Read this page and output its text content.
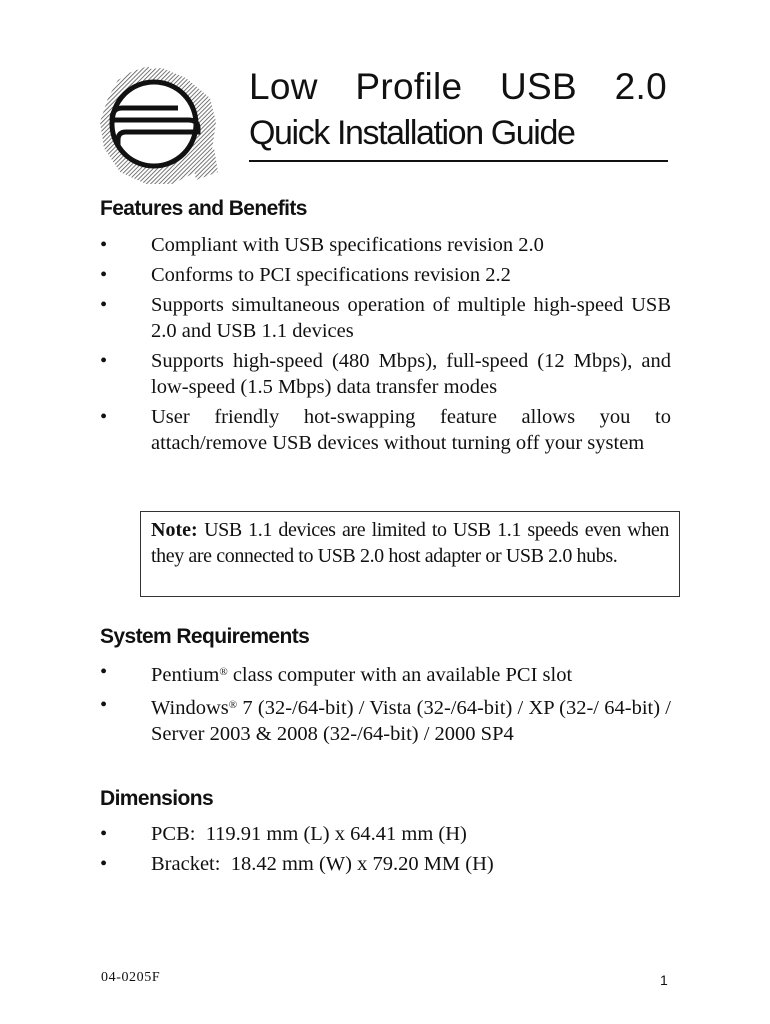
Low Profile USB 2.0
Quick Installation Guide
Features and Benefits
• Compliant with USB specifications revision 2.0
• Conforms to PCI specifications revision 2.2
• Supports simultaneous operation of multiple high-speed USB 2.0 and USB 1.1 devices
• Supports high-speed (480 Mbps), full-speed (12 Mbps), and low-speed (1.5 Mbps) data transfer modes
• User friendly hot-swapping feature allows you to attach/remove USB devices without turning off your system
Note: USB 1.1 devices are limited to USB 1.1 speeds even when they are connected to USB 2.0 host adapter or USB 2.0 hubs.
System Requirements
• Pentium® class computer with an available PCI slot
• Windows® 7 (32-/64-bit) / Vista (32-/64-bit) / XP (32-/ 64-bit) / Server 2003 & 2008 (32-/64-bit) / 2000 SP4
Dimensions
• PCB:  119.91 mm (L) x 64.41 mm (H)
• Bracket:  18.42 mm (W) x 79.20 MM (H)
04-0205F	1
